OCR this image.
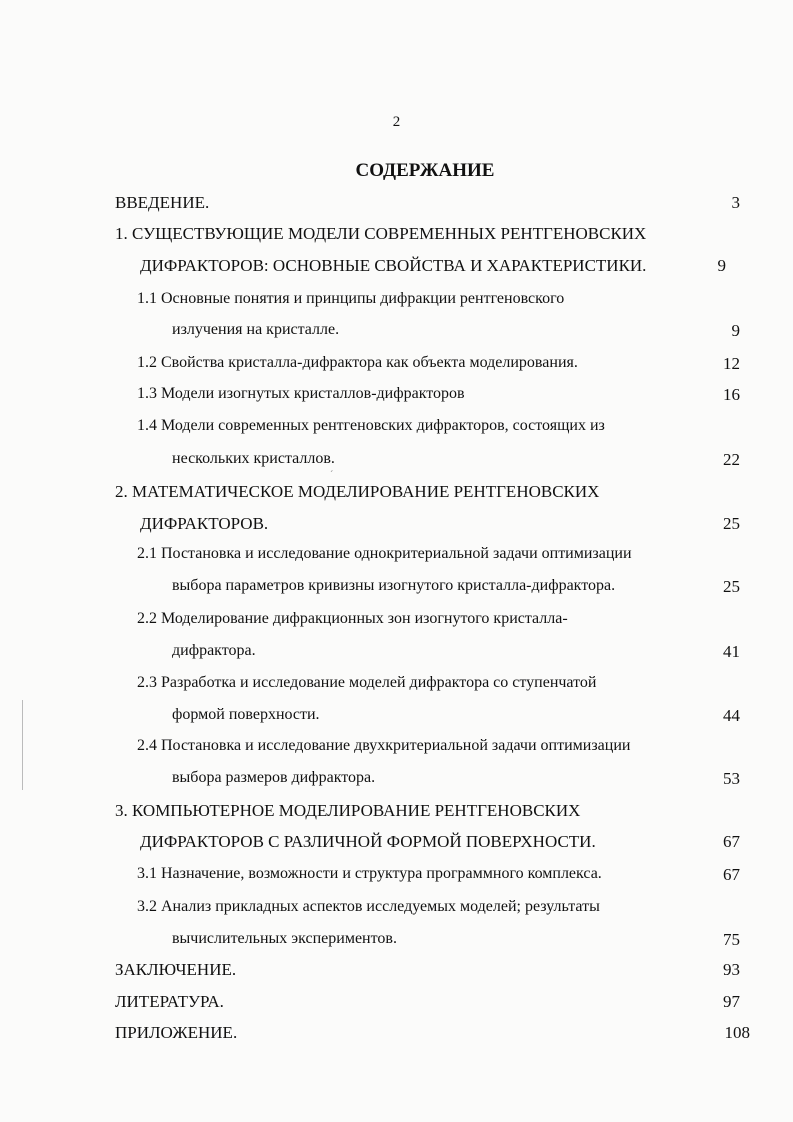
2
СОДЕРЖАНИЕ
ВВЕДЕНИЕ.	3
1. СУЩЕСТВУЮЩИЕ МОДЕЛИ СОВРЕМЕННЫХ РЕНТГЕНОВСКИХ
ДИФРАКТОРОВ: ОСНОВНЫЕ СВОЙСТВА И ХАРАКТЕРИСТИКИ.	9
1.1 Основные понятия и принципы дифракции рентгеновского
излучения на кристалле.	9
1.2 Свойства кристалла-дифрактора как объекта моделирования.	12
1.3 Модели изогнутых кристаллов-дифракторов	16
1.4 Модели современных рентгеновских дифракторов, состоящих из
нескольких кристаллов.	22
2. МАТЕМАТИЧЕСКОЕ МОДЕЛИРОВАНИЕ РЕНТГЕНОВСКИХ
ДИФРАКТОРОВ.	25
2.1 Постановка и исследование однокритериальной задачи оптимизации
выбора параметров кривизны изогнутого кристалла-дифрактора.	25
2.2 Моделирование дифракционных зон изогнутого кристалла-
дифрактора.	41
2.3 Разработка и исследование моделей дифрактора со ступенчатой
формой поверхности.	44
2.4 Постановка и исследование двухкритериальной задачи оптимизации
выбора размеров дифрактора.	53
3. КОМПЬЮТЕРНОЕ МОДЕЛИРОВАНИЕ РЕНТГЕНОВСКИХ
ДИФРАКТОРОВ С РАЗЛИЧНОЙ ФОРМОЙ ПОВЕРХНОСТИ.	67
3.1 Назначение, возможности и структура программного комплекса.	67
3.2 Анализ прикладных аспектов исследуемых моделей; результаты
вычислительных экспериментов.	75
ЗАКЛЮЧЕНИЕ.	93
ЛИТЕРАТУРА.	97
ПРИЛОЖЕНИЕ.	108
ˊ
